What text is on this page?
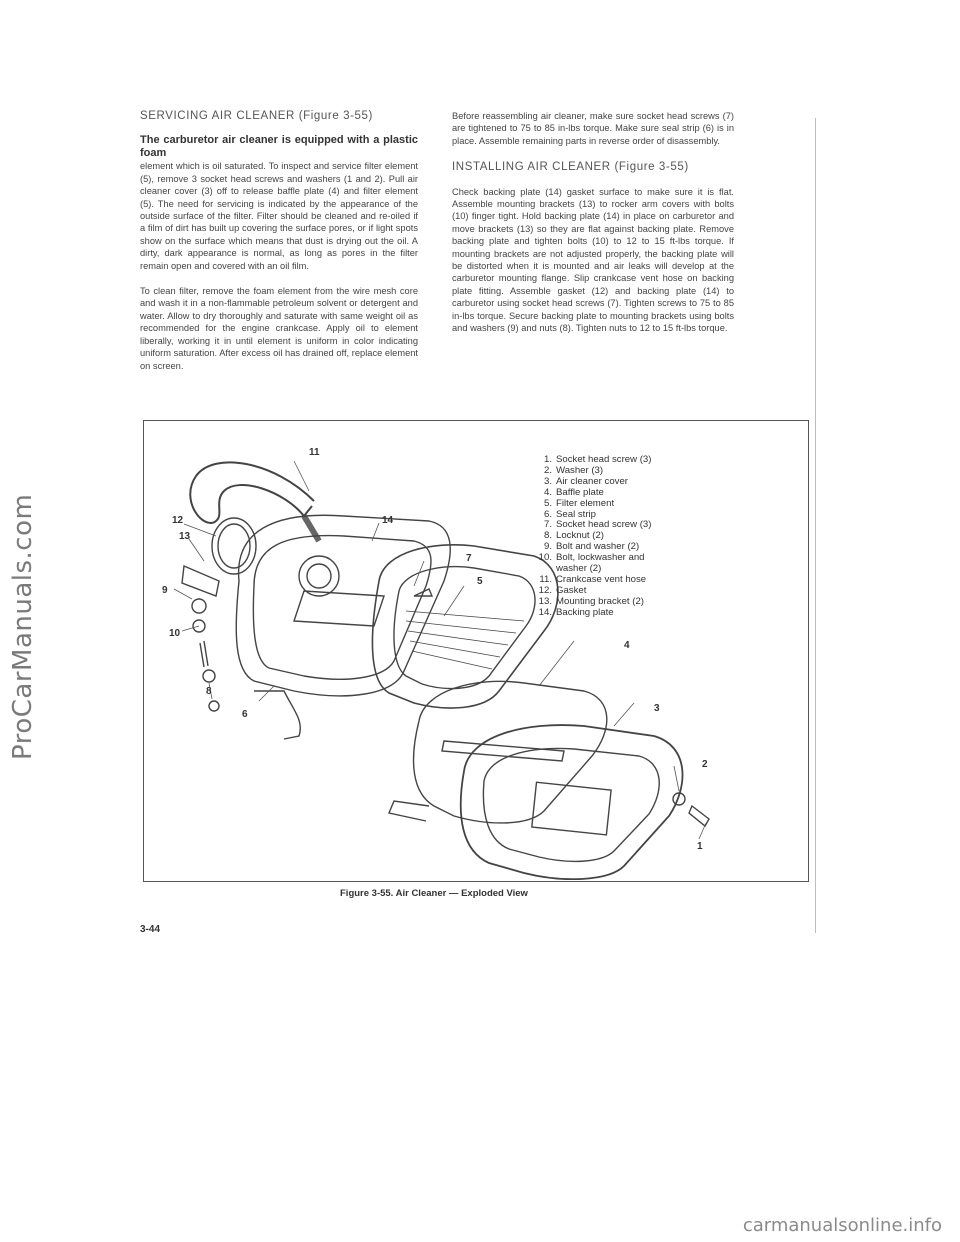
ProCarManuals.com
carmanualsonline.info
SERVICING AIR CLEANER (Figure 3-55)

The carburetor air cleaner is equipped with a plastic foam
element which is oil saturated. To inspect and service filter element (5), remove 3 socket head screws and washers (1 and 2). Pull air cleaner cover (3) off to release baffle plate (4) and filter element (5). The need for servicing is indicated by the appearance of the outside surface of the filter. Filter should be cleaned and re-oiled if a film of dirt has built up covering the surface pores, or if light spots show on the surface which means that dust is drying out the oil. A dirty, dark appearance is normal, as long as pores in the filter remain open and covered with an oil film.

To clean filter, remove the foam element from the wire mesh core and wash it in a non-flammable petroleum solvent or detergent and water. Allow to dry thoroughly and saturate with same weight oil as recommended for the engine crankcase. Apply oil to element liberally, working it in until element is uniform in color indicating uniform saturation. After excess oil has drained off, replace element on screen.

Before reassembling air cleaner, make sure socket head screws (7) are tightened to 75 to 85 in-lbs torque. Make sure seal strip (6) is in place. Assemble remaining parts in reverse order of disassembly.

INSTALLING AIR CLEANER (Figure 3-55)

Check backing plate (14) gasket surface to make sure it is flat. Assemble mounting brackets (13) to rocker arm covers with bolts (10) finger tight. Hold backing plate (14) in place on carburetor and move brackets (13) so they are flat against backing plate. Remove backing plate and tighten bolts (10) to 12 to 15 ft-lbs torque. If mounting brackets are not adjusted properly, the backing plate will be distorted when it is mounted and air leaks will develop at the carburetor mounting flange. Slip crankcase vent hose on backing plate fitting. Assemble gasket (12) and backing plate (14) to carburetor using socket head screws (7). Tighten screws to 75 to 85 in-lbs torque. Secure backing plate to mounting brackets using bolts and washers (9) and nuts (8). Tighten nuts to 12 to 15 ft-lbs torque.

11
12
13
14
7
5
9
10
4
8
6
3
2
1
1. Socket head screw (3)
2. Washer (3)
3. Air cleaner cover
4. Baffle plate
5. Filter element
6. Seal strip
7. Socket head screw (3)
8. Locknut (2)
9. Bolt and washer (2)
10. Bolt, lockwasher and washer (2)
11. Crankcase vent hose
12. Gasket
13. Mounting bracket (2)
14. Backing plate
Figure 3-55. Air Cleaner — Exploded View
3-44
